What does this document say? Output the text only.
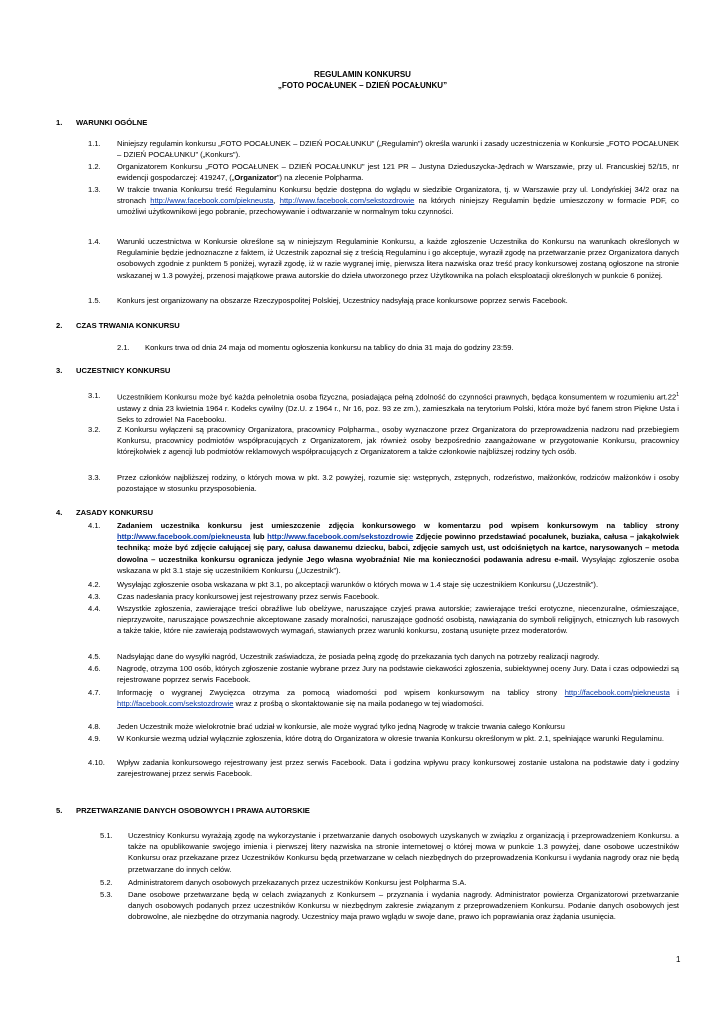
REGULAMIN KONKURSU
„FOTO POCAŁUNEK – DZIEŃ POCAŁUNKU”
1. WARUNKI OGÓLNE
1.1.	Niniejszy regulamin konkursu „FOTO POCAŁUNEK – DZIEŃ POCAŁUNKU” („Regulamin”) określa warunki i zasady uczestniczenia w Konkursie „FOTO POCAŁUNEK – DZIEŃ POCAŁUNKU” („Konkurs”).
1.2.	Organizatorem Konkursu „FOTO POCAŁUNEK – DZIEŃ POCAŁUNKU” jest 121 PR – Justyna Dzieduszycka-Jędrach w Warszawie, przy ul. Francuskiej 52/15, nr ewidencji gospodarczej: 419247, („Organizator”) na zlecenie Polpharma.
1.3.	W trakcie trwania Konkursu treść Regulaminu Konkursu będzie dostępna do wglądu w siedzibie Organizatora, tj. w Warszawie przy ul. Londyńskiej 34/2 oraz na stronach http://www.facebook.com/piekneusta, http://www.facebook.com/sekstozdrowie na których niniejszy Regulamin będzie umieszczony w formacie PDF, co umożliwi użytkownikowi jego pobranie, przechowywanie i odtwarzanie w normalnym toku czynności.
1.4.	Warunki uczestnictwa w Konkursie określone są w niniejszym Regulaminie Konkursu, a każde zgłoszenie Uczestnika do Konkursu na warunkach określonych w Regulaminie będzie jednoznaczne z faktem, iż Uczestnik zapoznał się z treścią Regulaminu i go akceptuje, wyraził zgodę na przetwarzanie przez Organizatora danych osobowych zgodnie z punktem 5 poniżej, wyraził zgodę, iż w razie wygranej imię, pierwsza litera nazwiska oraz treść pracy konkursowej zostaną ogłoszone na stronie wskazanej w 1.3 powyżej, przenosi majątkowe prawa autorskie do dzieła utworzonego przez Użytkownika na polach eksploatacji określonych w punkcie 6 poniżej.
1.5.	Konkurs jest organizowany na obszarze Rzeczypospolitej Polskiej, Uczestnicy nadsyłają prace konkursowe poprzez serwis Facebook.
2. CZAS TRWANIA KONKURSU
2.1.	Konkurs trwa od dnia 24 maja od momentu ogłoszenia konkursu na tablicy do dnia 31 maja do godziny 23:59.
3. UCZESTNICY KONKURSU
3.1.	Uczestnikiem Konkursu może być każda pełnoletnia osoba fizyczna, posiadająca pełną zdolność do czynności prawnych, będąca konsumentem w rozumieniu $art.22^1$ ustawy z dnia 23 kwietnia 1964 r. Kodeks cywilny (Dz.U. z 1964 r., Nr 16, poz. 93 ze zm.), zamieszkała na terytorium Polski, która może być fanem stron Piękne Usta i Seks to zdrowie! Na Facebooku.
3.2.	Z Konkursu wyłączeni są pracownicy Organizatora, pracownicy Polpharma., osoby wyznaczone przez Organizatora do przeprowadzenia nadzoru nad przebiegiem Konkursu, pracownicy podmiotów współpracujących z Organizatorem, jak również osoby bezpośrednio zaangażowane w przygotowanie Konkursu, pracownicy którejkolwiek z agencji lub podmiotów reklamowych współpracujących z Organizatorem a także członkowie najbliższej rodziny tych osób.
3.3.	Przez członków najbliższej rodziny, o których mowa w pkt. 3.2 powyżej, rozumie się: wstępnych, zstępnych, rodzeństwo, małżonków, rodziców małżonków i osoby pozostające w stosunku przysposobienia.
4. ZASADY KONKURSU
4.1.	Zadaniem uczestnika konkursu jest umieszczenie zdjęcia konkursowego w komentarzu pod wpisem konkursowym na tablicy strony http://www.facebook.com/piekneusta lub http://www.facebook.com/sekstozdrowie Zdjęcie powinno przedstawiać pocałunek, buziaka, całusa – jakąkolwiek techniką: może być zdjęcie całującej się pary, całusa dawanemu dziecku, babci, zdjęcie samych ust, ust odciśniętych na kartce, narysowanych – metoda dowolna – uczestnika konkursu ogranicza jedynie Jego własna wyobraźnia! Nie ma konieczności podawania adresu e-mail. Wysyłając zgłoszenie osoba wskazana w pkt 3.1 staje się uczestnikiem Konkursu („Uczestnik”).
4.2.	Wysyłając zgłoszenie osoba wskazana w pkt 3.1, po akceptacji warunków o których mowa w 1.4 staje się uczestnikiem Konkursu („Uczestnik”).
4.3.	Czas nadesłania pracy konkursowej jest rejestrowany przez serwis Facebook.
4.4.	Wszystkie zgłoszenia, zawierające treści obraźliwe lub obelżywe, naruszające czyjeś prawa autorskie; zawierające treści erotyczne, niecenzuralne, ośmieszające, nieprzyzwoite, naruszające powszechnie akceptowane zasady moralności, naruszające godność osobistą, nawiązania do symboli religijnych, etnicznych lub rasowych a także takie, które nie zawierają podstawowych wymagań, stawianych przez warunki konkursu, zostaną usunięte przez moderatorów.
4.5.	Nadsyłając dane do wysyłki nagród, Uczestnik zaświadcza, że posiada pełną zgodę do przekazania tych danych na potrzeby realizacji nagrody.
4.6.	Nagrodę, otrzyma 100 osób, których zgłoszenie zostanie wybrane przez Jury na podstawie ciekawości zgłoszenia, subiektywnej oceny Jury. Data i czas odpowiedzi są rejestrowane poprzez serwis Facebook.
4.7.	Informację o wygranej Zwycięzca otrzyma za pomocą wiadomości pod wpisem konkursowym na tablicy strony http://facebook.com/piekneusta i http://facebook.com/sekstozdrowie wraz z prośbą o skontaktowanie się na maila podanego w tej wiadomości.
4.8.	Jeden Uczestnik może wielokrotnie brać udział w konkursie, ale może wygrać tylko jedną Nagrodę w trakcie trwania całego Konkursu
4.9.	W Konkursie wezmą udział wyłącznie zgłoszenia, które dotrą do Organizatora w okresie trwania Konkursu określonym w pkt. 2.1, spełniające warunki Regulaminu.
4.10.	Wpływ zadania konkursowego rejestrowany jest przez serwis Facebook. Data i godzina wpływu pracy konkursowej zostanie ustalona na podstawie daty i godziny zarejestrowanej przez serwis Facebook.
5. PRZETWARZANIE DANYCH OSOBOWYCH I PRAWA AUTORSKIE
5.1.	Uczestnicy Konkursu wyrażają zgodę na wykorzystanie i przetwarzanie danych osobowych uzyskanych w związku z organizacją i przeprowadzeniem Konkursu. a także na opublikowanie swojego imienia i pierwszej litery nazwiska na stronie internetowej o której mowa w punkcie 1.3 powyżej, dane osobowe uczestników Konkursu oraz przekazane przez Uczestników Konkursu będą przetwarzane w celach niezbędnych do przeprowadzenia Konkursu i wydania nagrody oraz nie będą przetwarzane do innych celów.
5.2.	Administratorem danych osobowych przekazanych przez uczestników Konkursu jest Polpharma S.A.
5.3.	Dane osobowe przetwarzane będą w celach związanych z Konkursem – przyznania i wydania nagrody. Administrator powierza Organizatorowi przetwarzanie danych osobowych podanych przez uczestników Konkursu w niezbędnym zakresie związanym z przeprowadzeniem Konkursu. Podanie danych osobowych jest dobrowolne, ale niezbędne do otrzymania nagrody. Uczestnicy maja prawo wglądu w swoje dane, prawo ich poprawiania oraz żądania usunięcia.
1
